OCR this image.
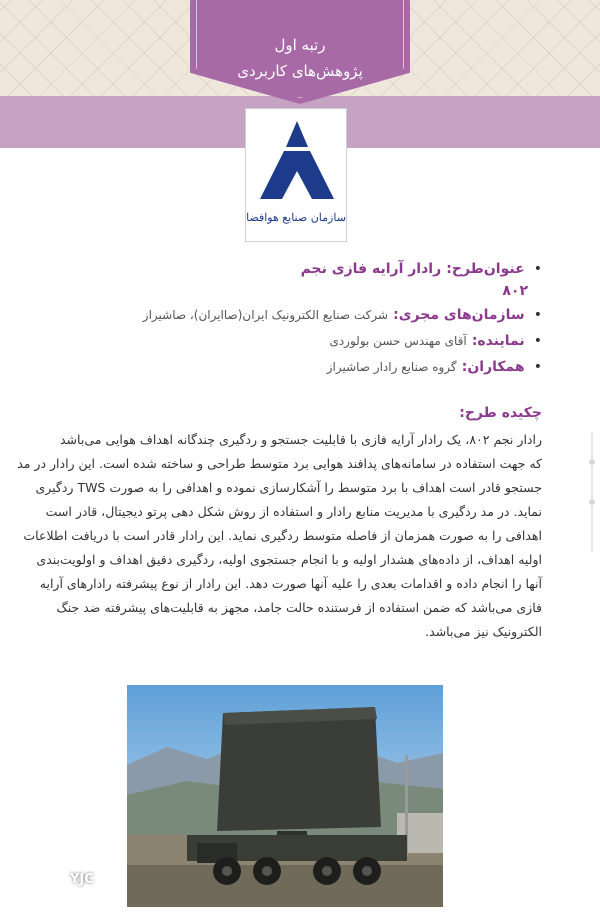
رتبه اول
پژوهش‌های کاربردی
سازمان صنایع هوافضا
• عنوان‌طرح: رادار آرایه فازی نجم
۸۰۲
• سازمان‌های مجری: شرکت صنایع الکترونیک ایران(صاایران)، صاشیراز
• نماینده: آقای مهندس حسن بولوردی
• همکاران: گروه صنایع رادار صاشیراز
چکیده طرح:
رادار نجم ۸۰۲، یک رادار آرایه فازی با قابلیت جستجو و ردگیری چندگانه اهداف هوایی می‌باشد
که جهت استفاده در سامانه‌های پدافند هوایی برد متوسط طراحی و ساخته شده است. این رادار در مد
جستجو قادر است اهداف با برد متوسط را آشکارسازی نموده و اهدافی را به صورت TWS ردگیری
نماید. در مد ردگیری با مدیریت منابع رادار و استفاده از روش شکل دهی پرتو دیجیتال، قادر است
اهدافی را به صورت همزمان از فاصله متوسط ردگیری نماید. این رادار قادر است با دریافت اطلاعات
اولیه اهداف، از داده‌های هشدار اولیه و با انجام جستجوی اولیه، ردگیری دقیق اهداف و اولویت‌بندی
آنها را انجام داده و اقدامات بعدی را علیه آنها صورت دهد. این رادار از نوع پیشرفته رادارهای آرایه
فازی می‌باشد که ضمن استفاده از فرستنده حالت جامد، مجهز به قابلیت‌های پیشرفته ضد جنگ
الکترونیک نیز می‌باشد.
YJC
